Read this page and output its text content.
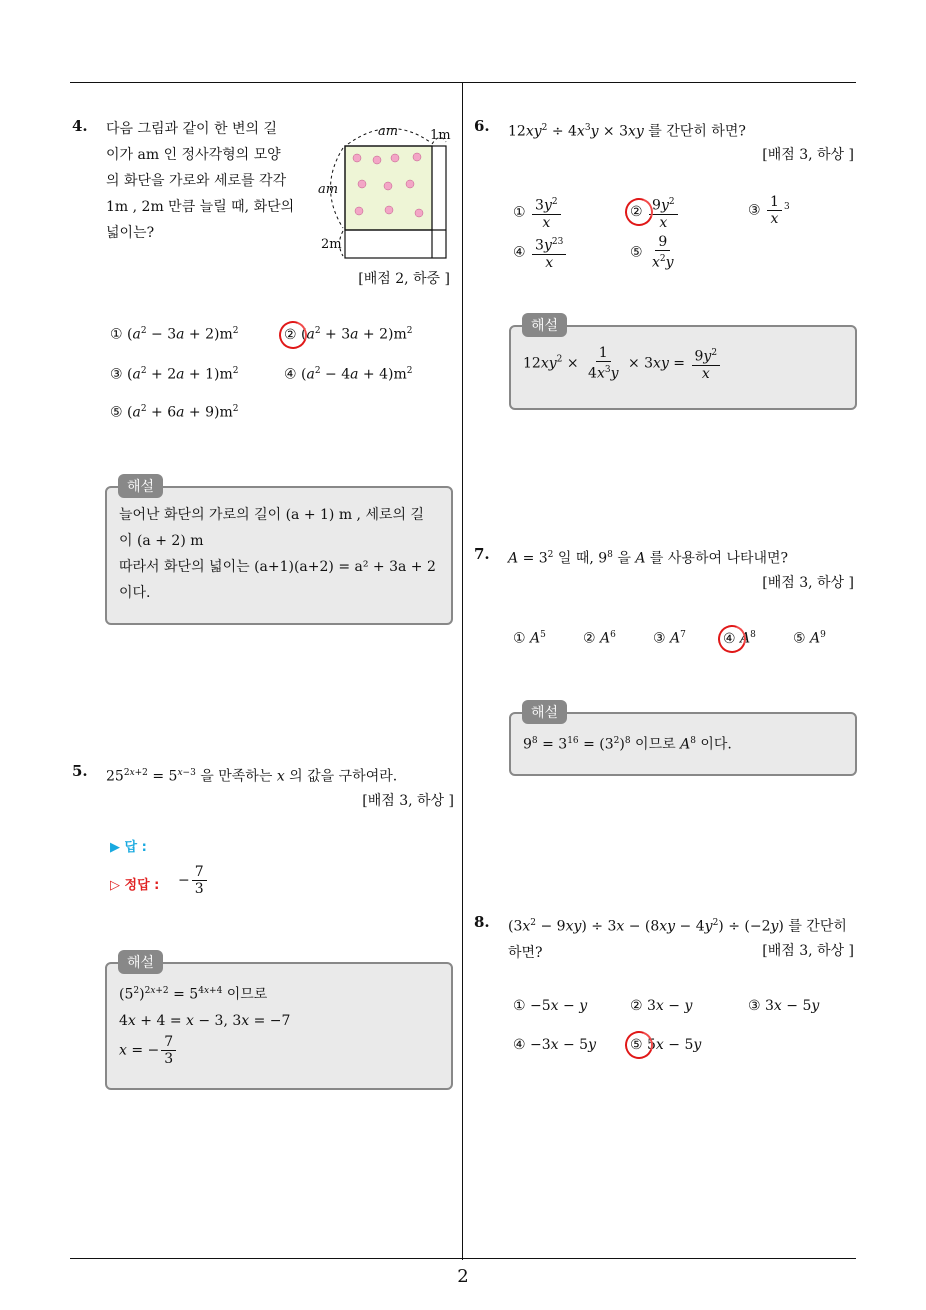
4. 다음 그림과 같이 한 변의 길
이가 am 인 정사각형의 모양
의 화단을 가로와 세로를 각각
1m , 2m 만큼 늘릴 때, 화단의
넓이는?
am 1m
am
2m
[배점 2, 하중 ]
① $(a^2 - 3a + 2)m^2$	② $(a^2 + 3a + 2)m^2$
③ $(a^2 + 2a + 1)m^2$	④ $(a^2 - 4a + 4)m^2$
⑤ $(a^2 + 6a + 9)m^2$
늘어난 화단의 가로의 길이 (a + 1) m , 세로의 길
이 (a + 2) m
따라서 화단의 넓이는 (a+1)(a+2) = a² + 3a + 2
이다.
해설
5. $25^{2x+2} = 5^{x-3}$ 을 만족하는 x 의 값을 구하여라.
[배점 3, 하상 ]
▶ 답 :
▷ 정답 : − $\frac{7}{3}$
$(5^2)^{2x+2} = 5^{4x+4}$ 이므로
4x + 4 = x − 3, 3x = −7
x = − $\frac{7}{3}$
해설
6. $12xy^2 \div 4x^3y \times 3xy$ 를 간단히 하면?
[배점 3, 하상 ]
① $\frac{3y^2}{x}$	② $\frac{9y^2}{x}$	③ $\frac{1}{x} ^3$
④ $\frac{3y^{23}}{x}$	⑤ $\frac{9}{x^2y}$
$12xy^2 \times \frac{1}{4x^3y} \times 3xy = \frac{9y^2}{x}$
해설
7. $A = 3^2$ 일 때, $9^8$ 을 A 를 사용하여 나타내면?
[배점 3, 하상 ]
① $A^5$	② $A^6$	③ $A^7$	④ $A^8$	⑤ $A^9$
$9^8 = 3^{16} = (3^2)^8$ 이므로 $A^8$ 이다.
해설
8. $(3x^2 - 9xy) \div 3x - (8xy - 4y^2) \div (-2y)$ 를 간단히
하면?	[배점 3, 하상 ]
① −5x − y	② 3x − y	③ 3x − 5y
④ −3x − 5y ⑤ 5x − 5y
2
